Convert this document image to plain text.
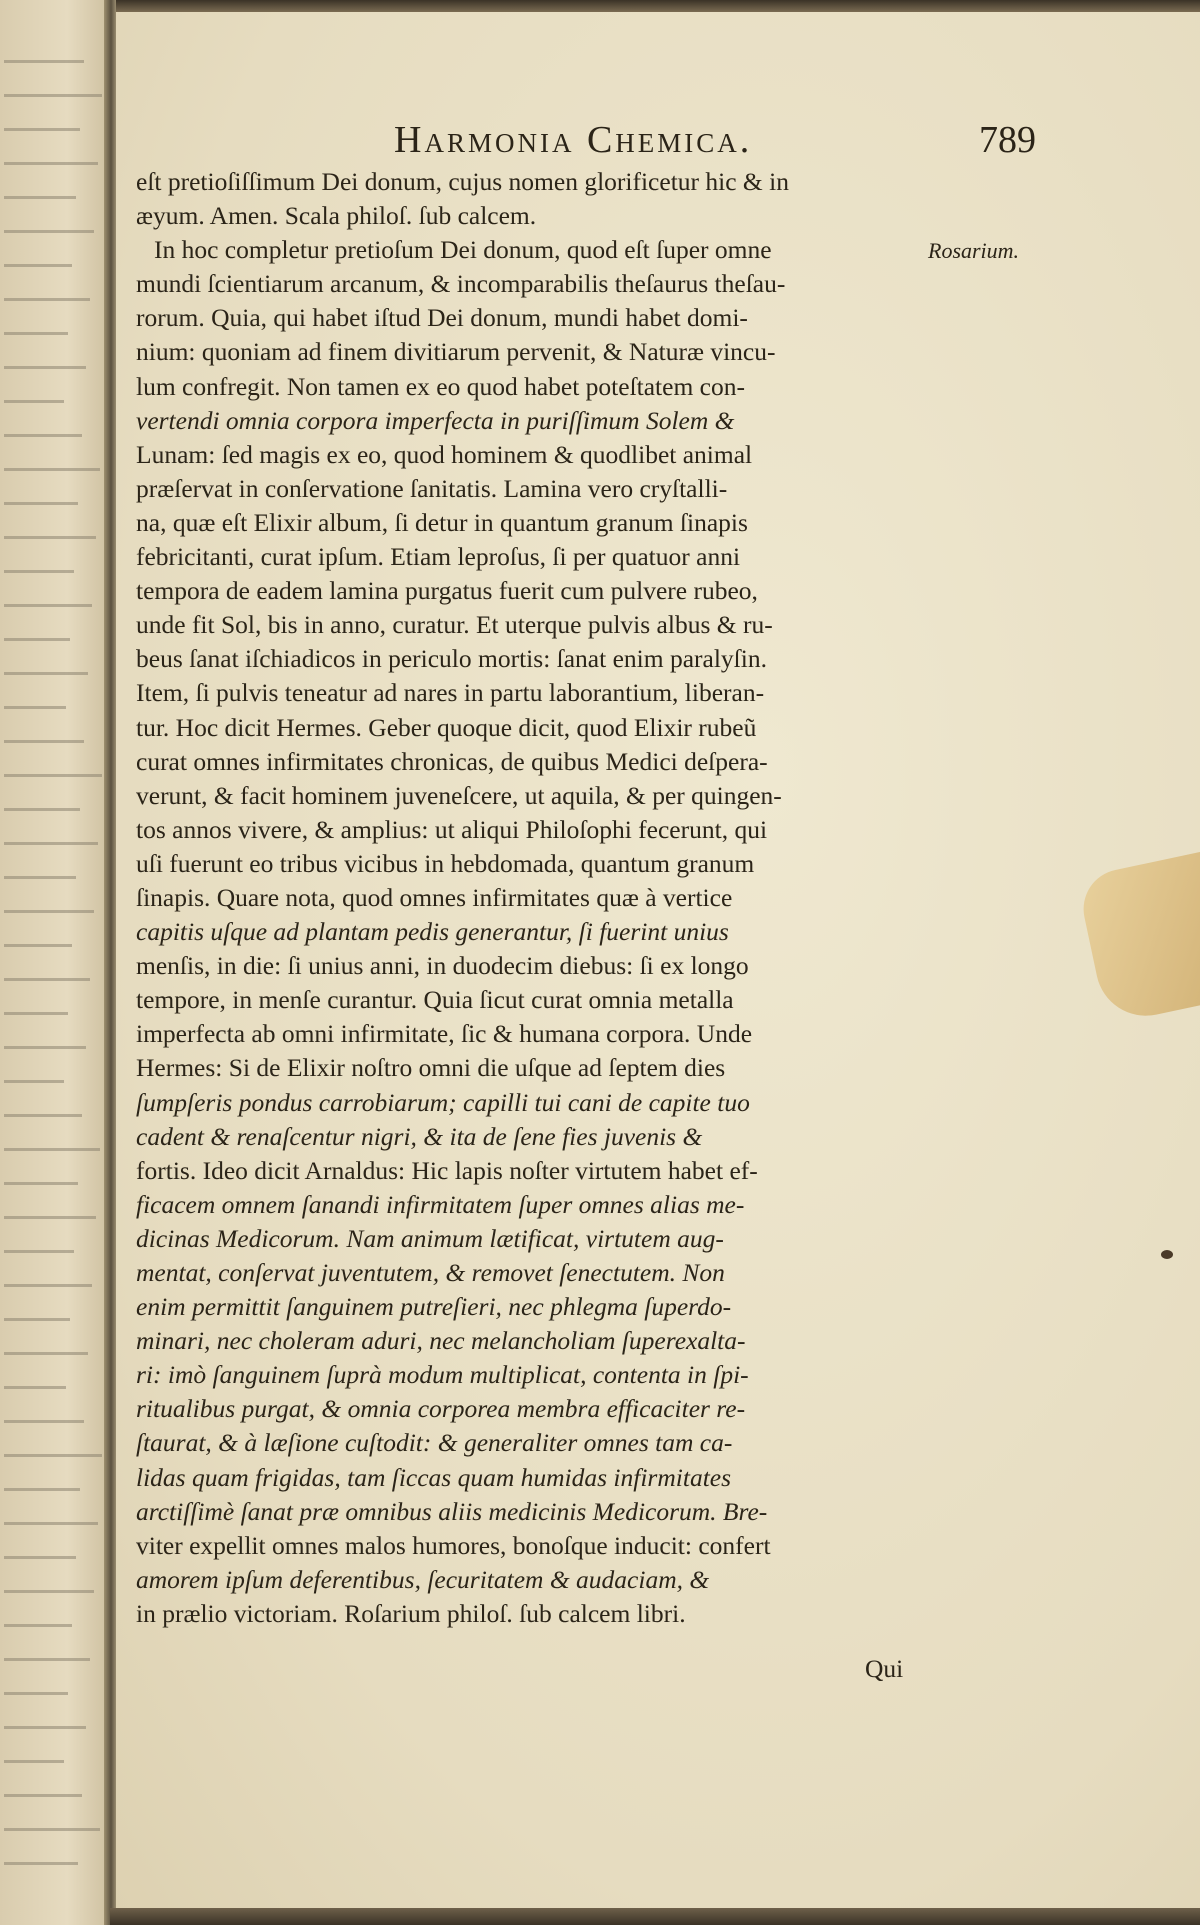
Harmonia Chemica.	789
eſt pretioſiſſimum Dei donum, cujus nomen glorificetur hic & in
æyum. Amen. Scala philoſ. ſub calcem.
In hoc completur pretioſum Dei donum, quod eſt ſuper omne
mundi ſcientiarum arcanum, & incomparabilis theſaurus theſau-
rorum. Quia, qui habet iſtud Dei donum, mundi habet domi-
nium: quoniam ad finem divitiarum pervenit, & Naturæ vincu-
lum confregit. Non tamen ex eo quod habet poteſtatem con-
vertendi omnia corpora imperfecta in puriſſimum Solem &
Lunam: ſed magis ex eo, quod hominem & quodlibet animal
præſervat in conſervatione ſanitatis. Lamina vero cryſtalli-
na, quæ eſt Elixir album, ſi detur in quantum granum ſinapis
febricitanti, curat ipſum. Etiam leproſus, ſi per quatuor anni
tempora de eadem lamina purgatus fuerit cum pulvere rubeo,
unde fit Sol, bis in anno, curatur. Et uterque pulvis albus & ru-
beus ſanat iſchiadicos in periculo mortis: ſanat enim paralyſin.
Item, ſi pulvis teneatur ad nares in partu laborantium, liberan-
tur. Hoc dicit Hermes. Geber quoque dicit, quod Elixir rubeũ
curat omnes infirmitates chronicas, de quibus Medici deſpera-
verunt, & facit hominem juveneſcere, ut aquila, & per quingen-
tos annos vivere, & amplius: ut aliqui Philoſophi fecerunt, qui
uſi fuerunt eo tribus vicibus in hebdomada, quantum granum
ſinapis. Quare nota, quod omnes infirmitates quæ à vertice
capitis uſque ad plantam pedis generantur, ſi fuerint unius
menſis, in die: ſi unius anni, in duodecim diebus: ſi ex longo
tempore, in menſe curantur. Quia ſicut curat omnia metalla
imperfecta ab omni infirmitate, ſic & humana corpora. Unde
Hermes: Si de Elixir noſtro omni die uſque ad ſeptem dies
ſumpſeris pondus carrobiarum; capilli tui cani de capite tuo
cadent & renaſcentur nigri, & ita de ſene fies juvenis &
fortis. Ideo dicit Arnaldus: Hic lapis noſter virtutem habet ef-
ficacem omnem ſanandi infirmitatem ſuper omnes alias me-
dicinas Medicorum. Nam animum lætificat, virtutem aug-
mentat, conſervat juventutem, & removet ſenectutem. Non
enim permittit ſanguinem putreſieri, nec phlegma ſuperdo-
minari, nec choleram aduri, nec melancholiam ſuperexalta-
ri: imò ſanguinem ſuprà modum multiplicat, contenta in ſpi-
ritualibus purgat, & omnia corporea membra efficaciter re-
ſtaurat, & à læſione cuſtodit: & generaliter omnes tam ca-
lidas quam frigidas, tam ſiccas quam humidas infirmitates
arctiſſimè ſanat præ omnibus aliis medicinis Medicorum. Bre-
viter expellit omnes malos humores, bonoſque inducit: confert
amorem ipſum deferentibus, ſecuritatem & audaciam, &
in prælio victoriam. Roſarium philoſ. ſub calcem libri.
Rosarium.
Qui
